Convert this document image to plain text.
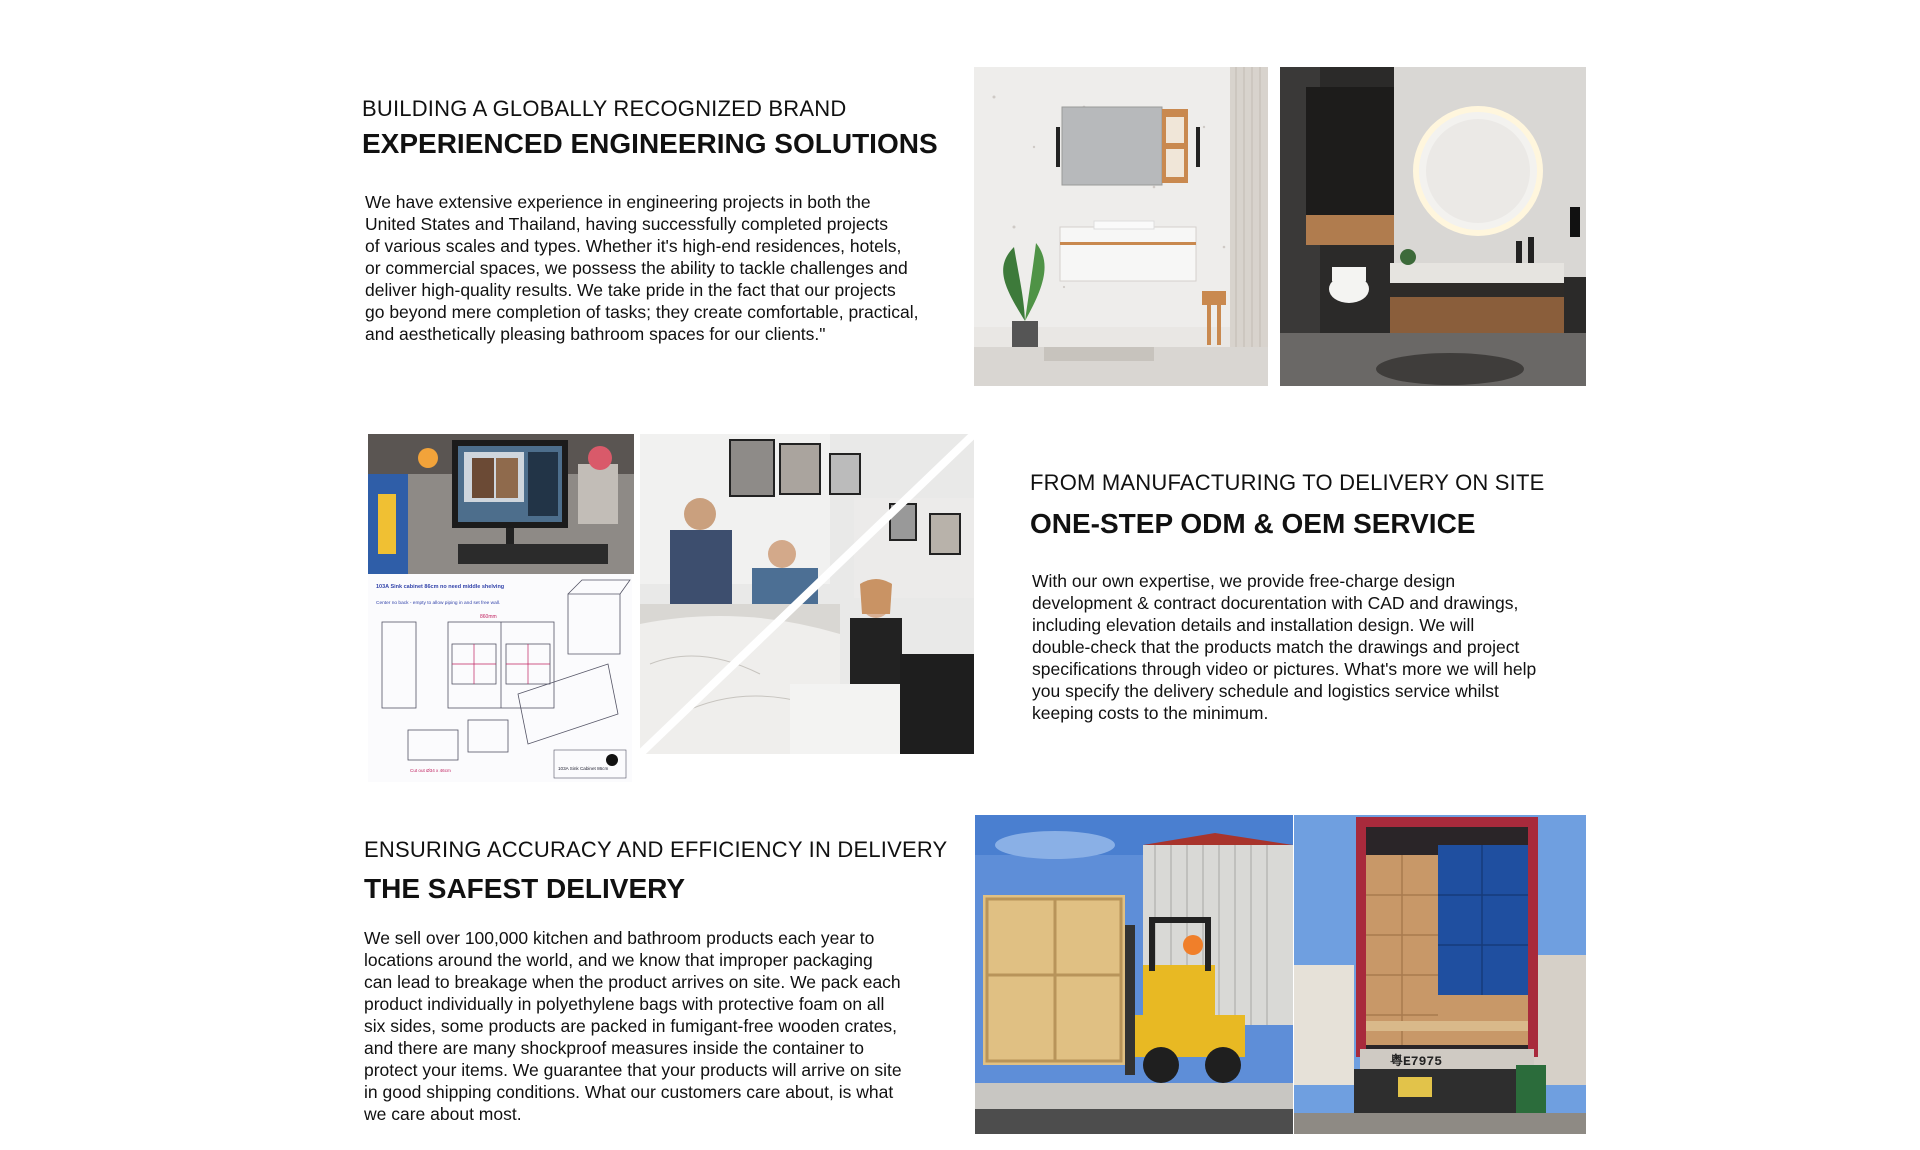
BUILDING A GLOBALLY RECOGNIZED BRAND
EXPERIENCED ENGINEERING SOLUTIONS
We have extensive experience in engineering projects in both the
United States and Thailand, having successfully completed projects
of various scales and types. Whether it's high-end residences, hotels,
or commercial spaces, we possess the ability to tackle challenges and
deliver high-quality results. We take pride in the fact that our projects
go beyond mere completion of tasks; they create comfortable, practical,
and aesthetically pleasing bathroom spaces for our clients."
103A Sink cabinet 86cm no need middle shelving
Center no back - empty to allow piping in and set free wall.
860mm
Cut out Ø34 x 46cm	103A Sink Cabinet 86cm
FROM MANUFACTURING TO DELIVERY ON SITE
ONE-STEP ODM & OEM SERVICE
With our own expertise, we provide free-charge design
development & contract docurentation with CAD and drawings,
including elevation details and installation design. We will
double-check that the products match the drawings and project
specifications through video or pictures. What's more we will help
you specify the delivery schedule and logistics service whilst
keeping costs to the minimum.
ENSURING ACCURACY AND EFFICIENCY IN DELIVERY
THE SAFEST DELIVERY
We sell over 100,000 kitchen and bathroom products each year to
locations around the world, and we know that improper packaging
can lead to breakage when the product arrives on site. We pack each
product individually in polyethylene bags with protective foam on all
six sides, some products are packed in fumigant-free wooden crates,
and there are many shockproof measures inside the container to
protect your items. We guarantee that your products will arrive on site
in good shipping conditions. What our customers care about, is what
we care about most.
粤E7975
